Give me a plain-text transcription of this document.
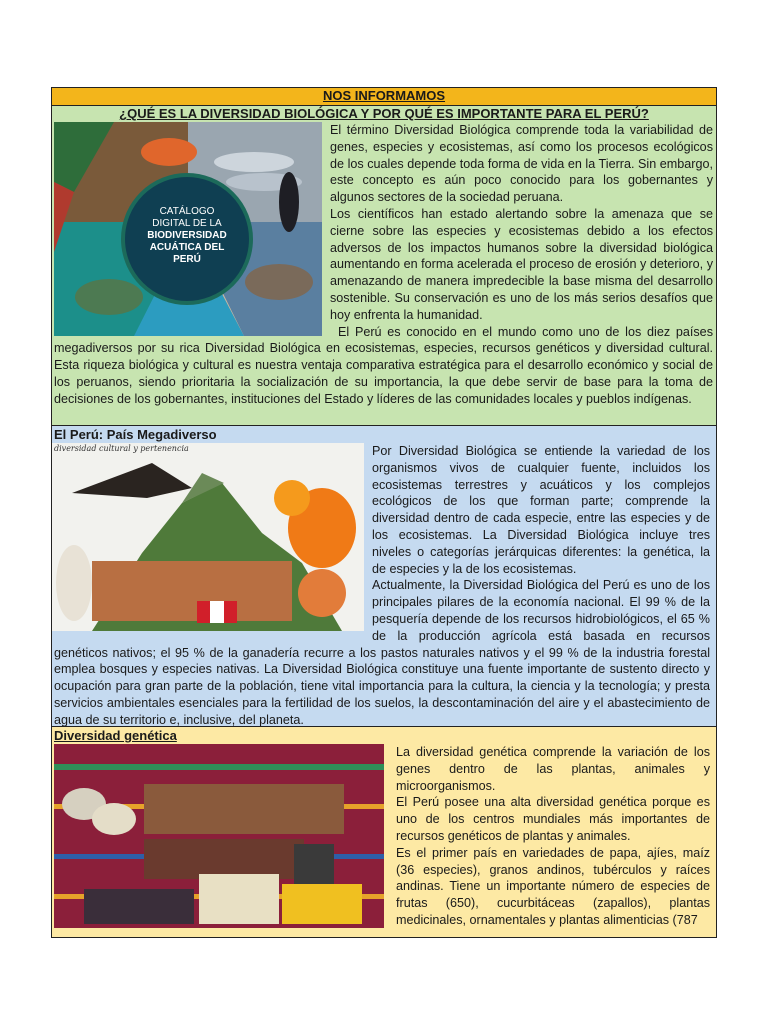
NOS INFORMAMOS
¿QUÉ ES LA DIVERSIDAD BIOLÓGICA Y POR QUÉ ES IMPORTANTE PARA EL PERÚ?
CATÁLOGO
DIGITAL DE LA

BIODIVERSIDAD
ACUÁTICA DEL
PERÚ

El término Diversidad Biológica comprende toda la variabilidad de genes, especies y ecosistemas, así como los procesos ecológicos de los cuales depende toda forma de vida en la Tierra. Sin embargo, este concepto es aún poco conocido para los gobernantes y algunos sectores de la sociedad peruana.

Los científicos han estado alertando sobre la amenaza que se cierne sobre las especies y ecosistemas debido a los efectos adversos de los impactos humanos sobre la diversidad biológica aumentando en forma acelerada el proceso de erosión y deterioro, y amenazando de manera impredecible la base misma del desarrollo sostenible. Su conservación es uno de los más serios desafíos que hoy enfrenta la humanidad.

El Perú es conocido en el mundo como uno de los diez países megadiversos por su rica Diversidad Biológica en ecosistemas, especies, recursos genéticos y diversidad cultural. Esta riqueza biológica y cultural es nuestra ventaja comparativa estratégica para el desarrollo económico y social de los peruanos, siendo prioritaria la socialización de su importancia, la que debe servir de base para la toma de decisiones de los gobernantes, instituciones del Estado y líderes de las comunidades locales y pueblos indígenas.

El Perú: País Megadiverso
diversidad cultural y pertenencia	Por Diversidad Biológica se entiende la variedad de los organismos vivos de cualquier fuente, incluidos los ecosistemas terrestres y acuáticos y los complejos ecológicos de los que forman parte; comprende la diversidad dentro de cada especie, entre las especies y de los ecosistemas. La Diversidad Biológica incluye tres niveles o categorías jerárquicas diferentes: la genética, la de especies y la de los ecosistemas.

Actualmente, la Diversidad Biológica del Perú es uno de los principales pilares de la economía nacional. El 99 % de la pesquería depende de los recursos hidrobiológicos, el 65 % de la producción agrícola está basada en recursos genéticos nativos; el 95 % de la ganadería recurre a los pastos naturales nativos y el 99 % de la industria forestal emplea bosques y especies nativas. La Diversidad Biológica constituye una fuente importante de sustento directo y ocupación para gran parte de la población, tiene vital importancia para la cultura, la ciencia y la tecnología; y presta servicios ambientales esenciales para la fertilidad de los suelos, la descontaminación del aire y el abastecimiento de agua de su territorio e, inclusive, del planeta.

Diversidad genética

La diversidad genética comprende la variación de los genes dentro de las plantas, animales y microorganismos.

El Perú posee una alta diversidad genética porque es uno de los centros mundiales más importantes de recursos genéticos de plantas y animales.

Es el primer país en variedades de papa, ajíes, maíz (36 especies), granos andinos, tubérculos y raíces andinas. Tiene un importante número de especies de frutas (650), cucurbitáceas (zapallos), plantas medicinales, ornamentales y plantas alimenticias (787
